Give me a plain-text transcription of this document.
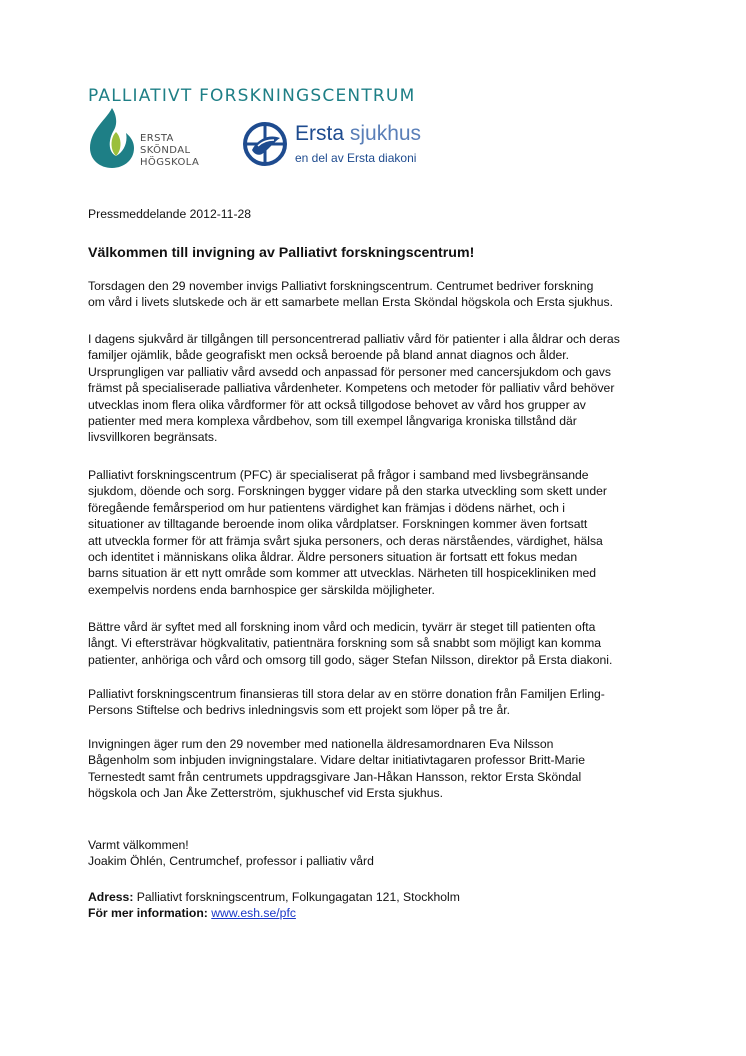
PALLIATIVT FORSKNINGSCENTRUM
ERSTA
SKÖNDAL
HÖGSKOLA
Ersta sjukhus
en del av Ersta diakoni
Pressmeddelande 2012-11-28
Välkommen till invigning av Palliativt forskningscentrum!
Torsdagen den 29 november invigs Palliativt forskningscentrum. Centrumet bedriver forskning
om vård i livets slutskede och är ett samarbete mellan Ersta Sköndal högskola och Ersta sjukhus.
I dagens sjukvård är tillgången till personcentrerad palliativ vård för patienter i alla åldrar och deras
familjer ojämlik, både geografiskt men också beroende på bland annat diagnos och ålder.
Ursprungligen var palliativ vård avsedd och anpassad för personer med cancersjukdom och gavs
främst på specialiserade palliativa vårdenheter. Kompetens och metoder för palliativ vård behöver
utvecklas inom flera olika vårdformer för att också tillgodose behovet av vård hos grupper av
patienter med mera komplexa vårdbehov, som till exempel långvariga kroniska tillstånd där
livsvillkoren begränsats.
Palliativt forskningscentrum (PFC) är specialiserat på frågor i samband med livsbegränsande
sjukdom, döende och sorg. Forskningen bygger vidare på den starka utveckling som skett under
föregående femårsperiod om hur patientens värdighet kan främjas i dödens närhet, och i
situationer av tilltagande beroende inom olika vårdplatser. Forskningen kommer även fortsatt
att utveckla former för att främja svårt sjuka personers, och deras närståendes, värdighet, hälsa
och identitet i människans olika åldrar. Äldre personers situation är fortsatt ett fokus medan
barns situation är ett nytt område som kommer att utvecklas. Närheten till hospicekliniken med
exempelvis nordens enda barnhospice ger särskilda möjligheter.
Bättre vård är syftet med all forskning inom vård och medicin, tyvärr är steget till patienten ofta
långt. Vi eftersträvar högkvalitativ, patientnära forskning som så snabbt som möjligt kan komma
patienter, anhöriga och vård och omsorg till godo, säger Stefan Nilsson, direktor på Ersta diakoni.
Palliativt forskningscentrum finansieras till stora delar av en större donation från Familjen Erling-
Persons Stiftelse och bedrivs inledningsvis som ett projekt som löper på tre år.
Invigningen äger rum den 29 november med nationella äldresamordnaren Eva Nilsson
Bågenholm som inbjuden invigningstalare. Vidare deltar initiativtagaren professor Britt-Marie
Ternestedt samt från centrumets uppdragsgivare Jan-Håkan Hansson, rektor Ersta Sköndal
högskola och Jan Åke Zetterström, sjukhuschef vid Ersta sjukhus.
Varmt välkommen!
Joakim Öhlén, Centrumchef, professor i palliativ vård
Adress: Palliativt forskningscentrum, Folkungagatan 121, Stockholm
För mer information: www.esh.se/pfc
